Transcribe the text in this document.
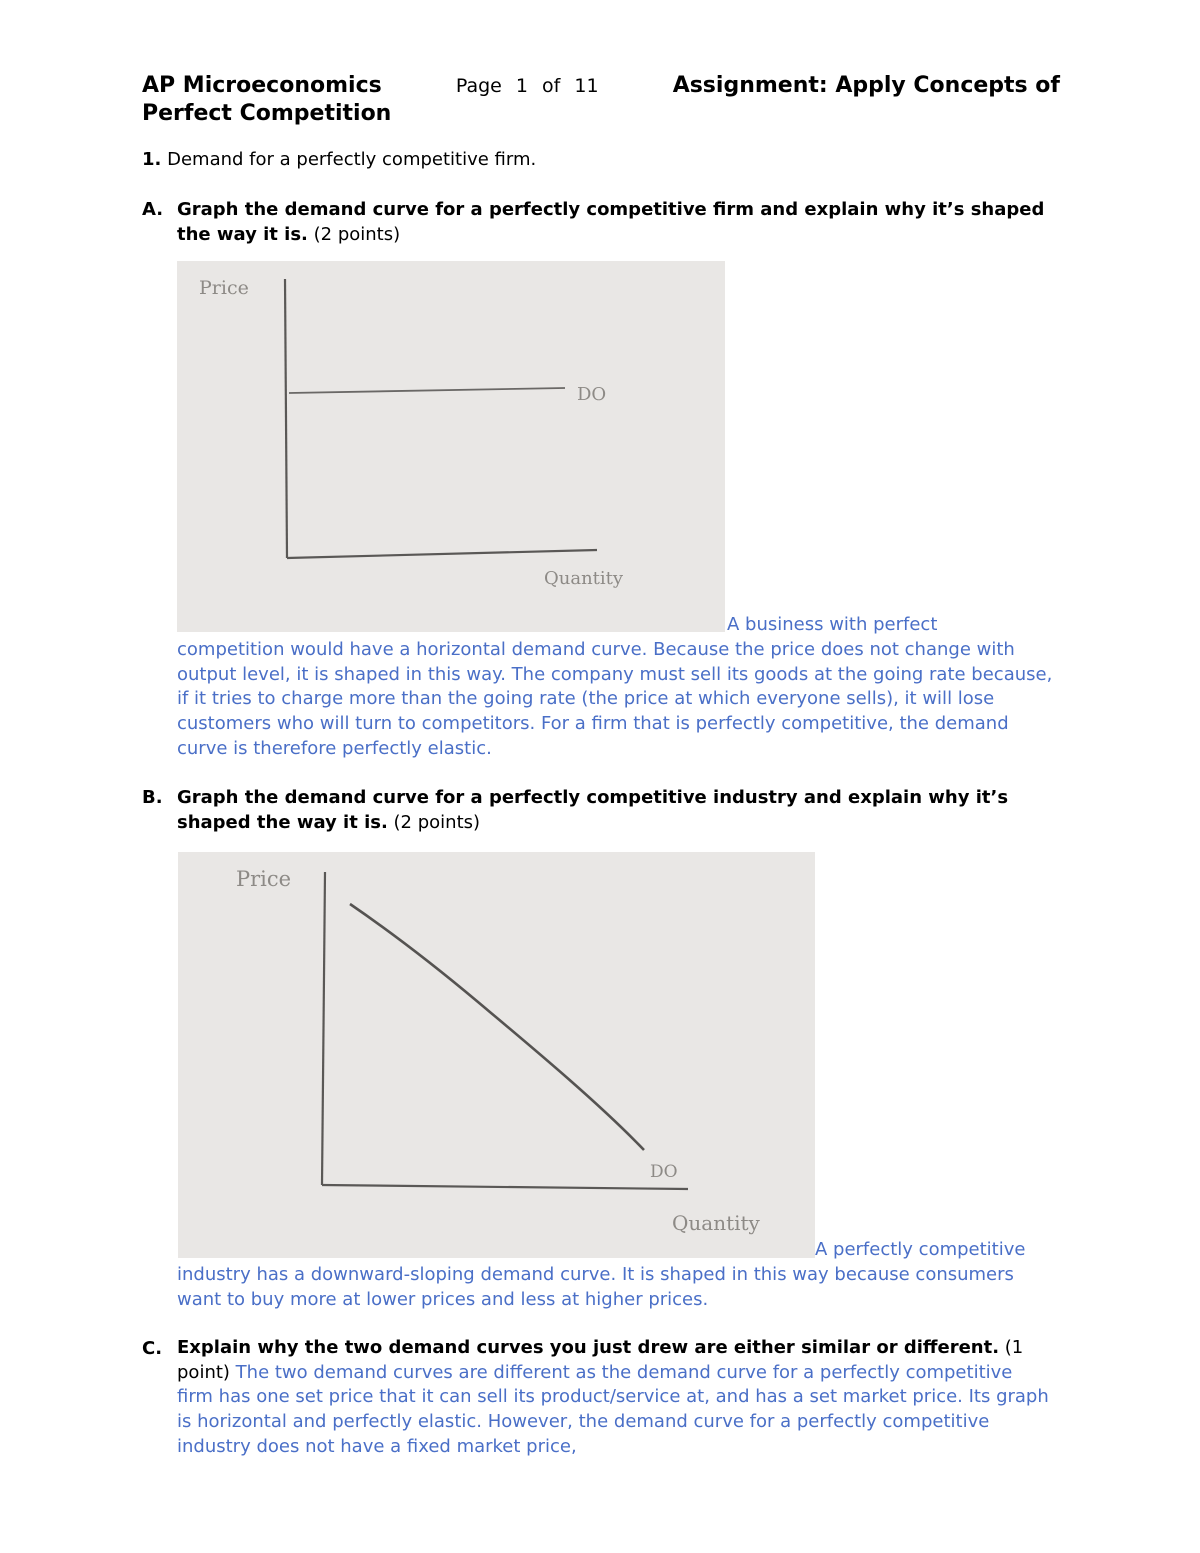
AP Microeconomics	Page 1 of 11	Assignment: Apply Concepts of
Perfect Competition
1. Demand for a perfectly competitive firm.
A. Graph the demand curve for a perfectly competitive firm and explain why it’s shaped the way it is. (2 points)
Price
DO
Quantity
A business with perfect
competition would have a horizontal demand curve. Because the price does not change with output level, it is shaped in this way. The company must sell its goods at the going rate because, if it tries to charge more than the going rate (the price at which everyone sells), it will lose customers who will turn to competitors. For a firm that is perfectly competitive, the demand curve is therefore perfectly elastic.
B. Graph the demand curve for a perfectly competitive industry and explain why it’s shaped the way it is. (2 points)
Price
DO
Quantity
A perfectly competitive
industry has a downward-sloping demand curve. It is shaped in this way because consumers want to buy more at lower prices and less at higher prices.
C. Explain why the two demand curves you just drew are either similar or different. (1 point) The two demand curves are different as the demand curve for a perfectly competitive firm has one set price that it can sell its product/service at, and has a set market price. Its graph is horizontal and perfectly elastic. However, the demand curve for a perfectly competitive industry does not have a fixed market price,
